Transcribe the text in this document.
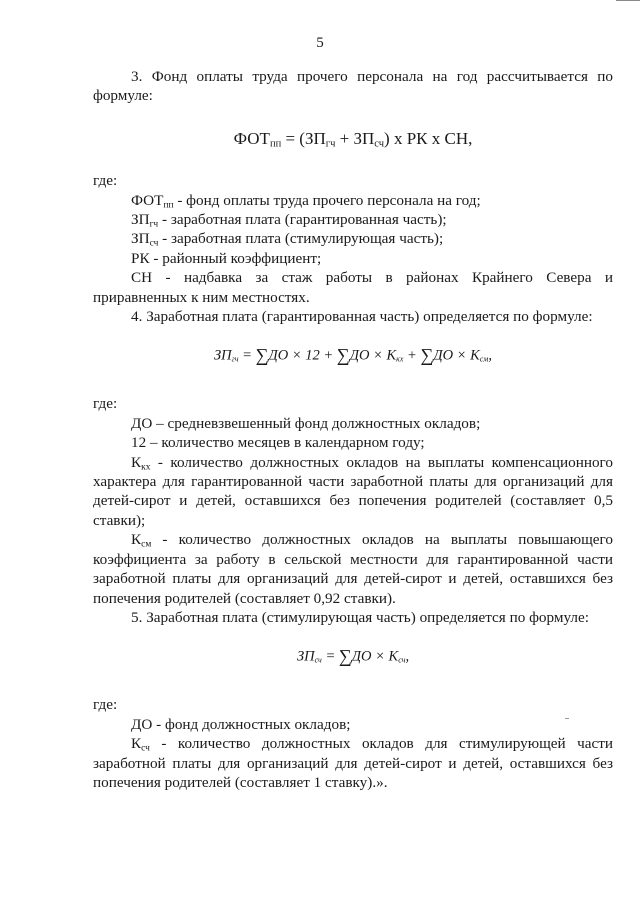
5

3. Фонд оплаты труда прочего персонала на год рассчитывается по формуле:

$ФОТ_{пп} = (ЗП_{гч} + ЗП_{сч})$ х РК х СН,

где:

$ФОТ_{пп}$ - фонд оплаты труда прочего персонала на год;

$ЗП_{гч}$ - заработная плата (гарантированная часть);

$ЗП_{сч}$ - заработная плата (стимулирующая часть);

РК - районный коэффициент;

СН - надбавка за стаж работы в районах Крайнего Севера и приравненных к ним местностях.

4. Заработная плата (гарантированная часть) определяется по формуле:

$ЗП_{гч} = \sum ДО \times 12 + \sum ДО \times K_{кх} + \sum ДО \times K_{см}$,

где:

ДО – средневзвешенный фонд должностных окладов;

12 – количество месяцев в календарном году;

$К_{кх}$ - количество должностных окладов на выплаты компенсационного характера для гарантированной части заработной платы для организаций для детей-сирот и детей, оставшихся без попечения родителей (составляет 0,5 ставки);

$К_{см}$ - количество должностных окладов на выплаты повышающего коэффициента за работу в сельской местности для гарантированной части заработной платы для организаций для детей-сирот и детей, оставшихся без попечения родителей (составляет 0,92 ставки).

5. Заработная плата (стимулирующая часть) определяется по формуле:

$ЗП_{сч} = \sum ДО \times K_{сч}$,

где:

ДО - фонд должностных окладов;

$К_{сч}$ - количество должностных окладов для стимулирующей части заработной платы для организаций для детей-сирот и детей, оставшихся без попечения родителей (составляет 1 ставку).».
